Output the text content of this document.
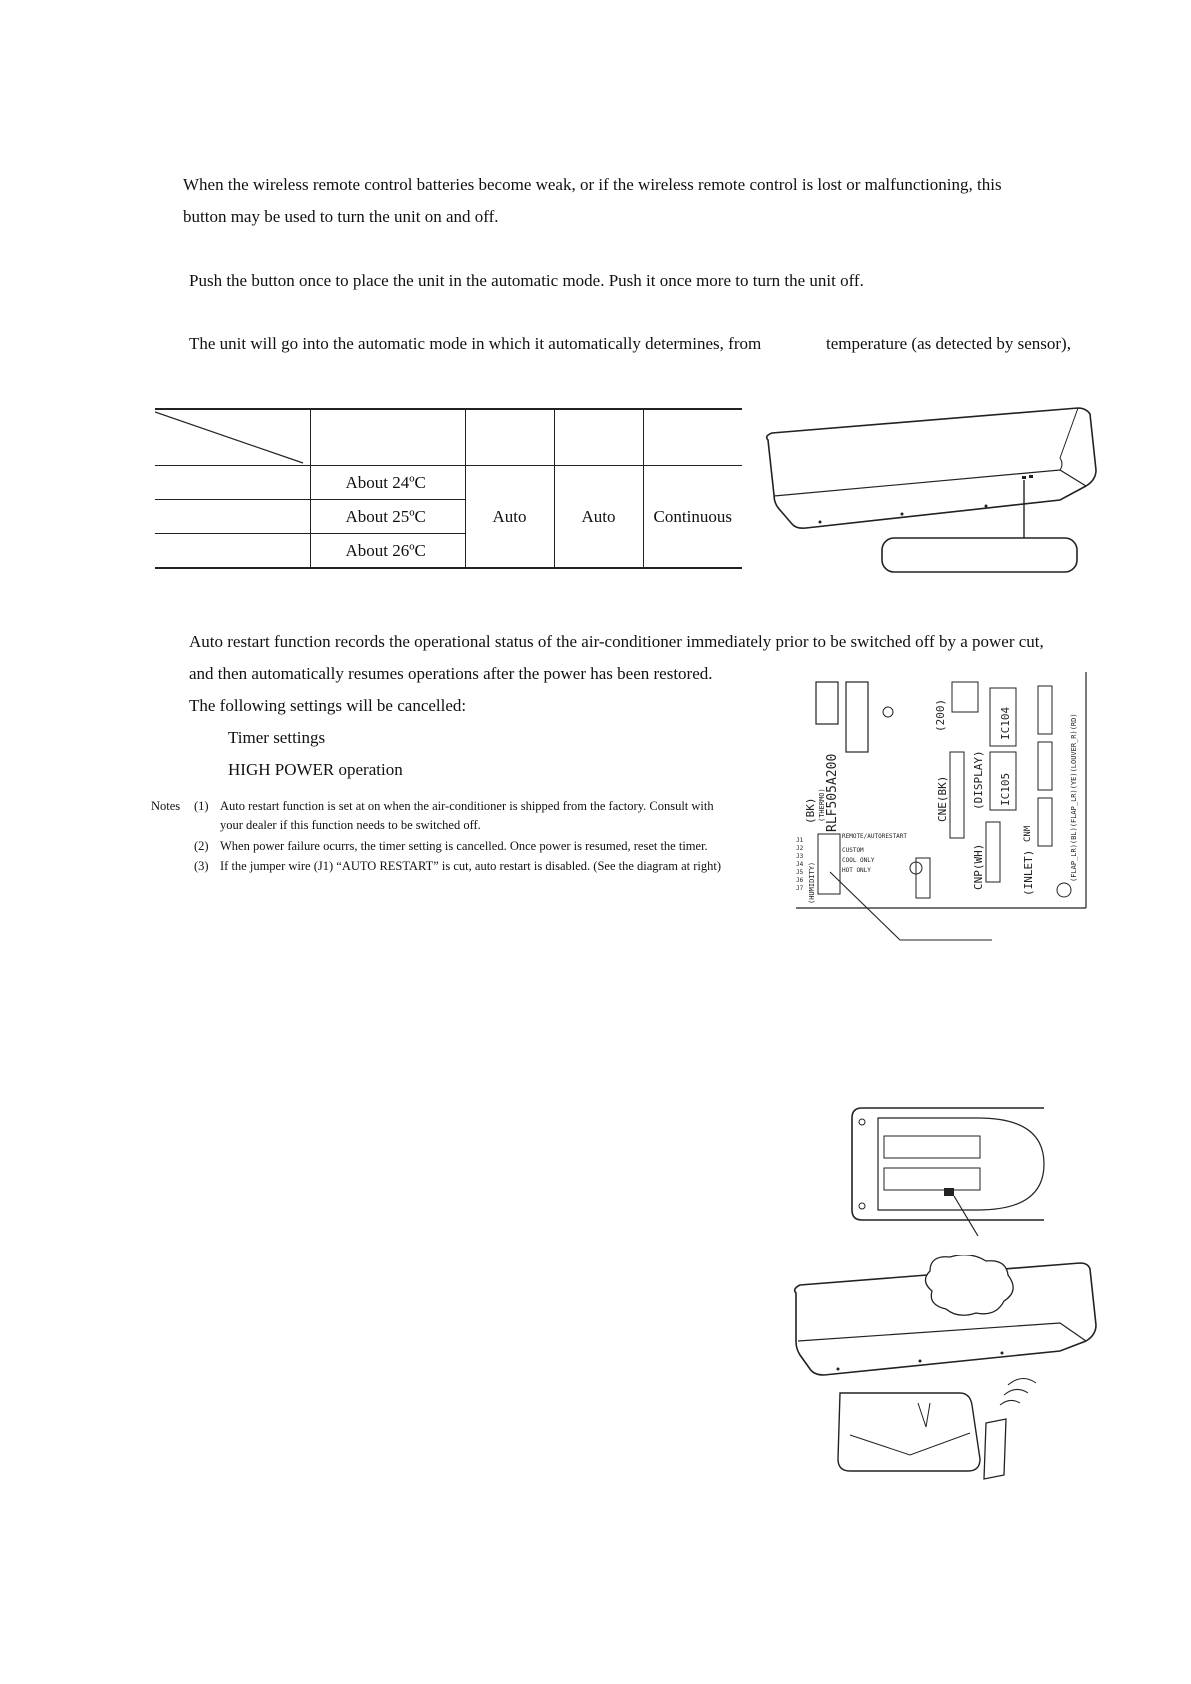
When the wireless remote control batteries become weak, or if the wireless remote control is lost or malfunctioning, this
button may be used to turn the unit on and off.
Push the button once to place the unit in the automatic mode. Push it once more to turn the unit off.
The unit will go into the automatic mode in which it automatically determines, from	temperature (as detected by sensor),

	About 24ºC	Auto	Auto	Continuous
	About 25ºC			
	About 26ºC			
Auto restart function records the operational status of the air-conditioner immediately prior to be switched off by a power cut,
and then automatically resumes operations after the power has been restored.
The following settings will be cancelled:
Timer settings
HIGH POWER operation
Notes (1) Auto restart function is set at on when the air-conditioner is shipped from the factory. Consult with
your dealer if this function needs to be switched off.
(2) When power failure ocurrs, the timer setting is cancelled. Once power is resumed, reset the timer.
(3) If the jumper wire (J1) “AUTO RESTART” is cut, auto restart is disabled. (See the diagram at right)
RLF505A200
(200)	IC104
IC105
CNE(BK) (DISPLAY)
CNP(WH)
CNM
(INLET)	(FLAP_LR)(BL)(FLAP_LR)(YE)(LOUVER_R)(RD)
(BK) (THERMO)
(HUMIDITY)
J1
J2
J3
J4
J5
J6
J7
REMOTE/AUTORESTART
CUSTOM
COOL ONLY
HOT ONLY
